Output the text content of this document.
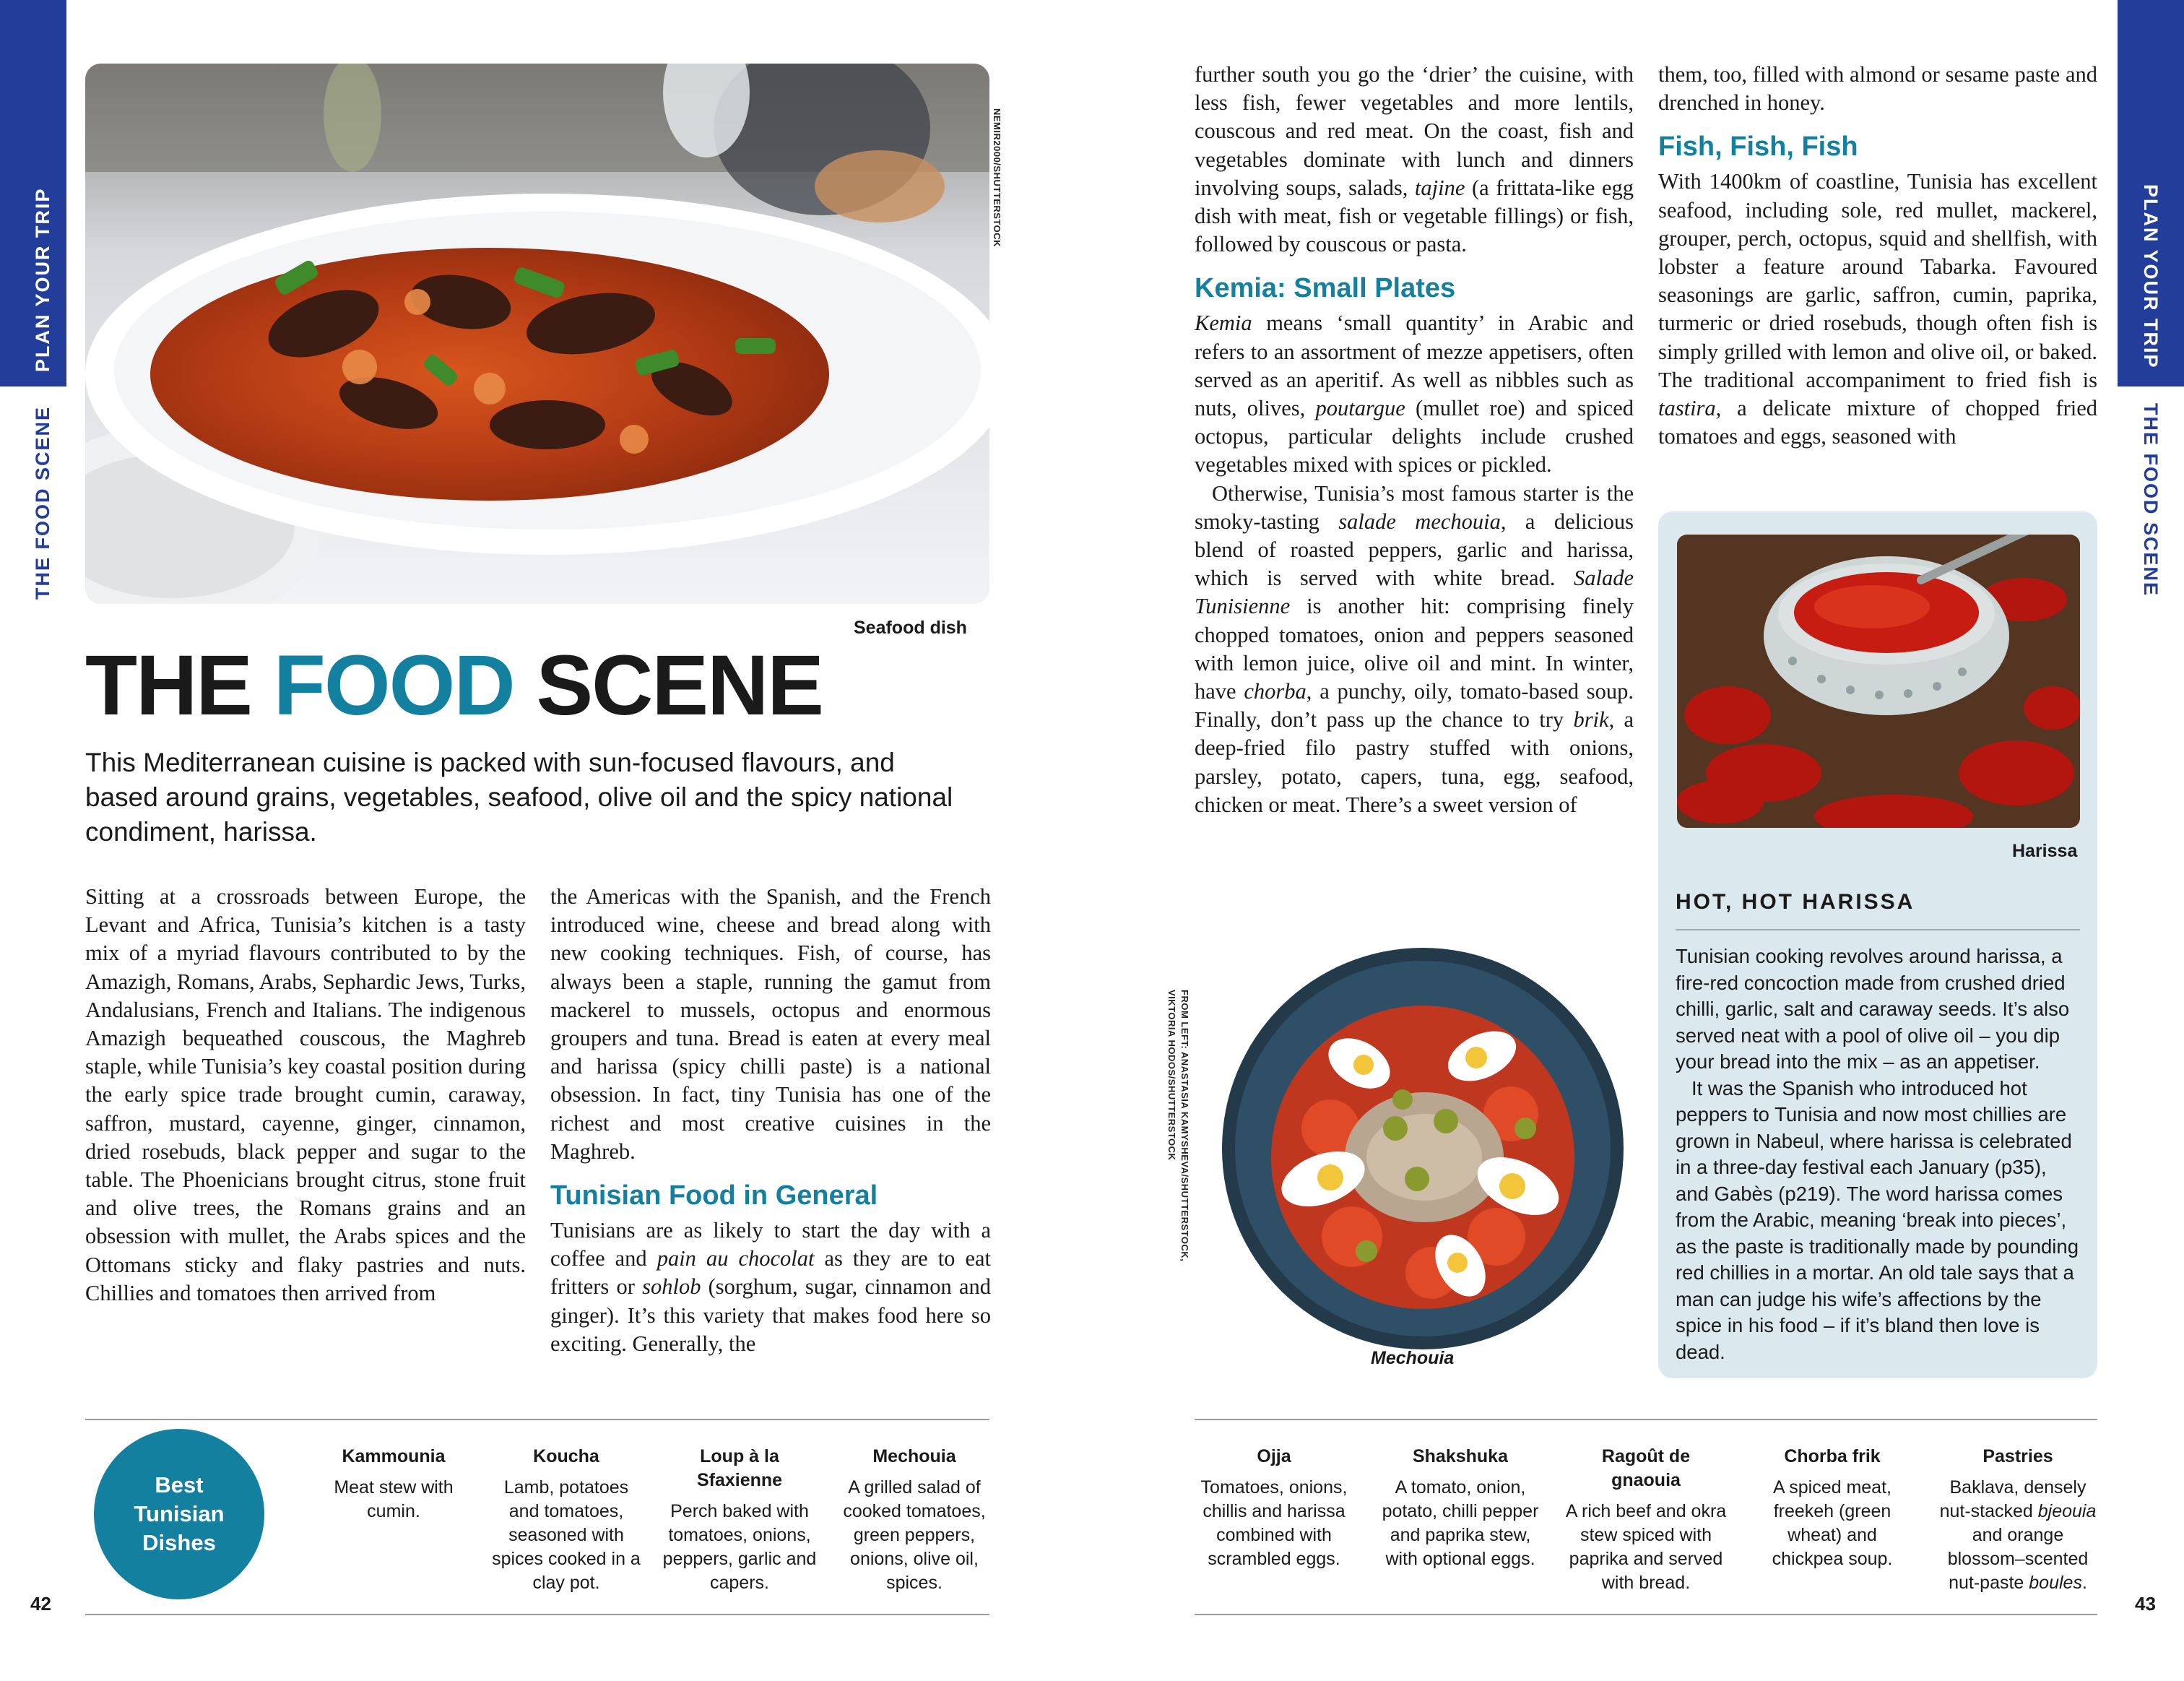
PLAN YOUR TRIP
THE FOOD SCENE
PLAN YOUR TRIP
THE FOOD SCENE
NEMIR2000/SHUTTERSTOCK
Seafood dish
THE FOOD SCENE

This Mediterranean cuisine is packed with sun-focused flavours, and based around grains, vegetables, seafood, olive oil and the spicy national condiment, harissa.

Sitting at a crossroads between Europe, the Levant and Africa, Tunisia’s kitchen is a tasty mix of a myriad flavours contributed to by the Amazigh, Romans, Arabs, Sephardic Jews, Turks, Andalusians, French and Italians. The indigenous Amazigh bequeathed couscous, the Maghreb staple, while Tunisia’s key coastal position during the early spice trade brought cumin, caraway, saffron, mustard, cayenne, ginger, cinnamon, dried rosebuds, black pepper and sugar to the table. The Phoenicians brought citrus, stone fruit and olive trees, the Romans grains and an obsession with mullet, the Arabs spices and the Ottomans sticky and flaky pastries and nuts. Chillies and tomatoes then arrived from

the Americas with the Spanish, and the French introduced wine, cheese and bread along with new cooking techniques. Fish, of course, has always been a staple, running the gamut from mackerel to mussels, octopus and enormous groupers and tuna. Bread is eaten at every meal and harissa (spicy chilli paste) is a national obsession. In fact, tiny Tunisia has one of the richest and most creative cuisines in the Maghreb.

Tunisian Food in General

Tunisians are as likely to start the day with a coffee and pain au chocolat as they are to eat fritters or sohlob (sorghum, sugar, cinnamon and ginger). It’s this variety that makes food here so exciting. Generally, the

further south you go the ‘drier’ the cuisine, with less fish, fewer vegetables and more lentils, couscous and red meat. On the coast, fish and vegetables dominate with lunch and dinners involving soups, salads, tajine (a frittata-like egg dish with meat, fish or vegetable fillings) or fish, followed by couscous or pasta.

Kemia: Small Plates

Kemia means ‘small quantity’ in Arabic and refers to an assortment of mezze appetisers, often served as an aperitif. As well as nibbles such as nuts, olives, poutargue (mullet roe) and spiced octopus, particular delights include crushed vegetables mixed with spices or pickled.

Otherwise, Tunisia’s most famous starter is the smoky-tasting salade mechouia, a delicious blend of roasted peppers, garlic and harissa, which is served with white bread. Salade Tunisienne is another hit: comprising finely chopped tomatoes, onion and peppers seasoned with lemon juice, olive oil and mint. In winter, have chorba, a punchy, oily, tomato-based soup. Finally, don’t pass up the chance to try brik, a deep-fried filo pastry stuffed with onions, parsley, potato, capers, tuna, egg, seafood, chicken or meat. There’s a sweet version of

them, too, filled with almond or sesame paste and drenched in honey.

Fish, Fish, Fish

With 1400km of coastline, Tunisia has excellent seafood, including sole, red mullet, mackerel, grouper, perch, octopus, squid and shellfish, with lobster a feature around Tabarka. Favoured seasonings are garlic, saffron, cumin, paprika, turmeric or dried rosebuds, though often fish is simply grilled with lemon and olive oil, or baked. The traditional accompaniment to fried fish is tastira, a delicate mixture of chopped fried tomatoes and eggs, seasoned with

FROM LEFT: ANASTASIA KAMYSHEVA/SHUTTERSTOCK,
VIKTORIA HODOS/SHUTTERSTOCK
Mechouia
Harissa
HOT, HOT HARISSA

Tunisian cooking revolves around harissa, a fire-red concoction made from crushed dried chilli, garlic, salt and caraway seeds. It’s also served neat with a pool of olive oil – you dip your bread into the mix – as an appetiser.

It was the Spanish who introduced hot peppers to Tunisia and now most chillies are grown in Nabeul, where harissa is celebrated in a three-day festival each January (p35), and Gabès (p219). The word harissa comes from the Arabic, meaning ‘break into pieces’, as the paste is traditionally made by pounding red chillies in a mortar. An old tale says that a man can judge his wife’s affections by the spice in his food – if it’s bland then love is dead.

Best
Tunisian
Dishes
Kammounia
Meat stew with cumin.
Koucha
Lamb, potatoes and tomatoes, seasoned with spices cooked in a clay pot.
Loup à la Sfaxienne
Perch baked with tomatoes, onions, peppers, garlic and capers.
Mechouia
A grilled salad of cooked tomatoes, green peppers, onions, olive oil, spices.
Ojja
Tomatoes, onions, chillis and harissa combined with scrambled eggs.
Shakshuka
A tomato, onion, potato, chilli pepper and paprika stew, with optional eggs.
Ragoût de gnaouia
A rich beef and okra stew spiced with paprika and served with bread.
Chorba frik
A spiced meat, freekeh (green wheat) and chickpea soup.
Pastries
Baklava, densely nut-stacked bjeouia and orange blossom–scented nut-paste boules.
42	43
